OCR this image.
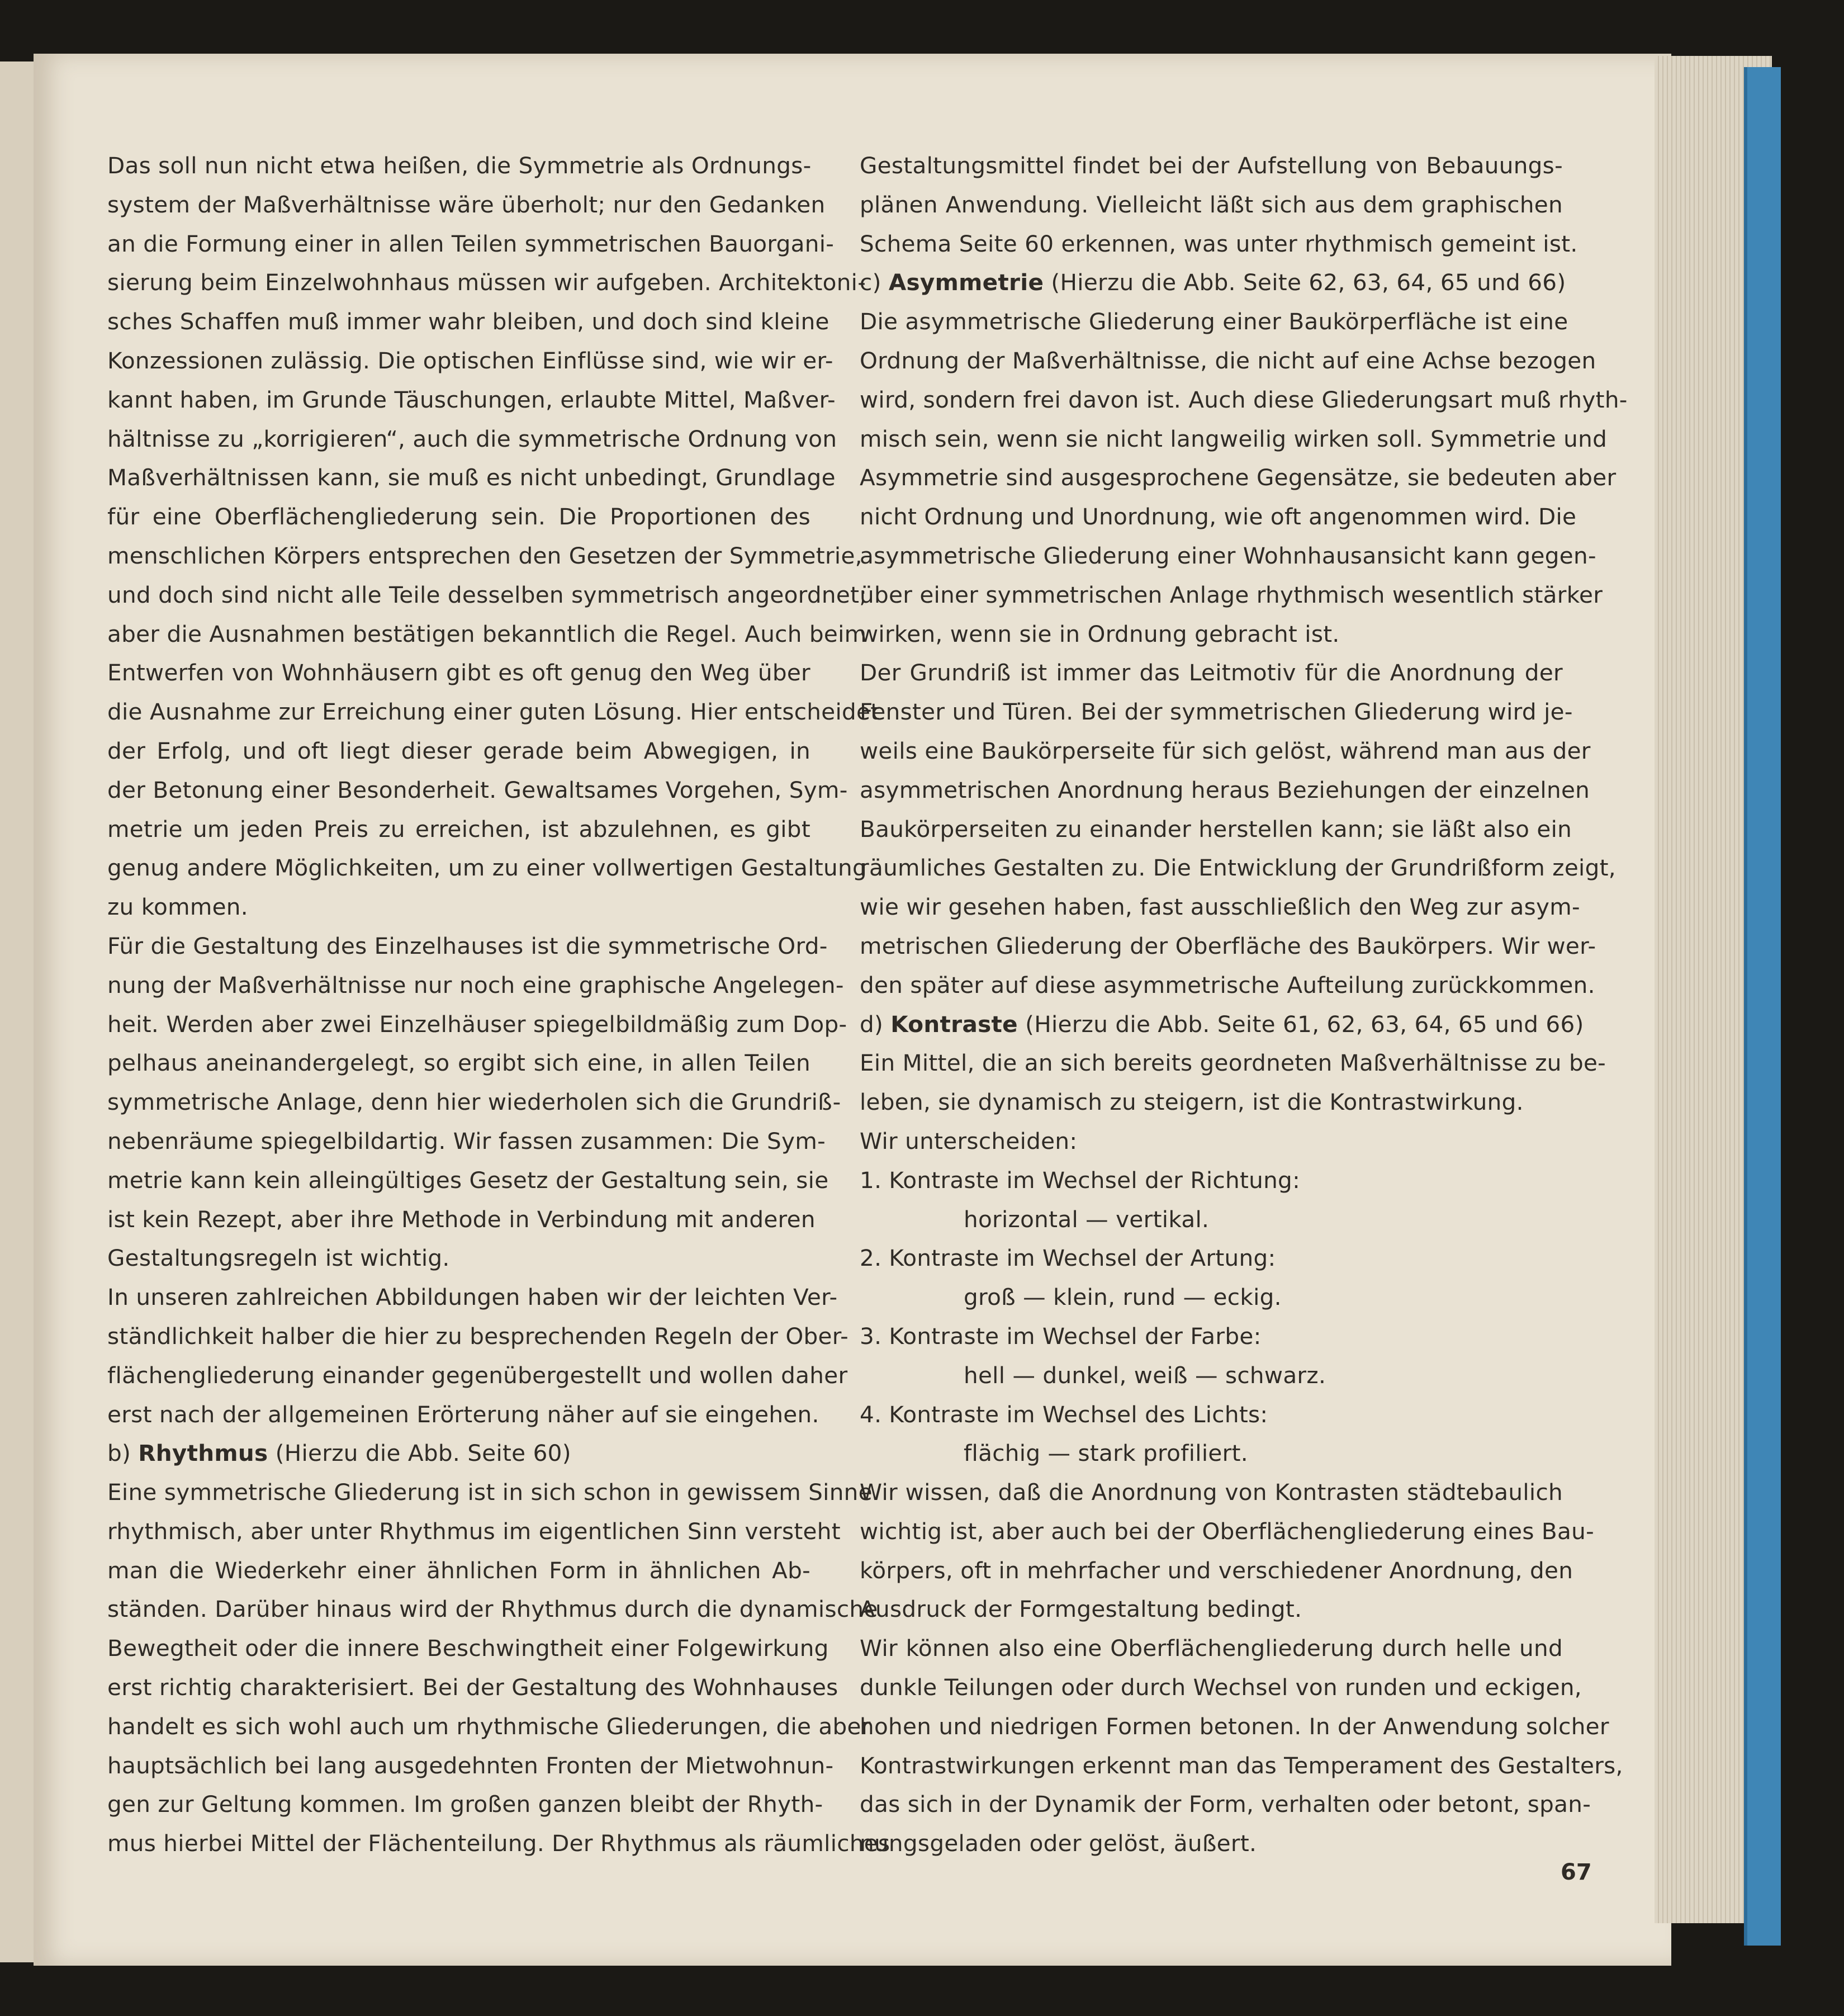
Das soll nun nicht etwa heißen, die Symmetrie als Ordnungs-
system der Maßverhältnisse wäre überholt; nur den Gedanken
an die Formung einer in allen Teilen symmetrischen Bauorgani-
sierung beim Einzelwohnhaus müssen wir aufgeben. Architektoni-
sches Schaffen muß immer wahr bleiben, und doch sind kleine
Konzessionen zulässig. Die optischen Einflüsse sind, wie wir er-
kannt haben, im Grunde Täuschungen, erlaubte Mittel, Maßver-
hältnisse zu „korrigieren“, auch die symmetrische Ordnung von
Maßverhältnissen kann, sie muß es nicht unbedingt, Grundlage
für eine Oberflächengliederung sein. Die Proportionen des
menschlichen Körpers entsprechen den Gesetzen der Symmetrie,
und doch sind nicht alle Teile desselben symmetrisch angeordnet;
aber die Ausnahmen bestätigen bekanntlich die Regel. Auch beim
Entwerfen von Wohnhäusern gibt es oft genug den Weg über
die Ausnahme zur Erreichung einer guten Lösung. Hier entscheidet
der Erfolg, und oft liegt dieser gerade beim Abwegigen, in
der Betonung einer Besonderheit. Gewaltsames Vorgehen, Sym-
metrie um jeden Preis zu erreichen, ist abzulehnen, es gibt
genug andere Möglichkeiten, um zu einer vollwertigen Gestaltung
zu kommen.
Für die Gestaltung des Einzelhauses ist die symmetrische Ord-
nung der Maßverhältnisse nur noch eine graphische Angelegen-
heit. Werden aber zwei Einzelhäuser spiegelbildmäßig zum Dop-
pelhaus aneinandergelegt, so ergibt sich eine, in allen Teilen
symmetrische Anlage, denn hier wiederholen sich die Grundriß-
nebenräume spiegelbildartig. Wir fassen zusammen: Die Sym-
metrie kann kein alleingültiges Gesetz der Gestaltung sein, sie
ist kein Rezept, aber ihre Methode in Verbindung mit anderen
Gestaltungsregeln ist wichtig.
In unseren zahlreichen Abbildungen haben wir der leichten Ver-
ständlichkeit halber die hier zu besprechenden Regeln der Ober-
flächengliederung einander gegenübergestellt und wollen daher
erst nach der allgemeinen Erörterung näher auf sie eingehen.
b) Rhythmus (Hierzu die Abb. Seite 60)
Eine symmetrische Gliederung ist in sich schon in gewissem Sinne
rhythmisch, aber unter Rhythmus im eigentlichen Sinn versteht
man die Wiederkehr einer ähnlichen Form in ähnlichen Ab-
ständen. Darüber hinaus wird der Rhythmus durch die dynamische
Bewegtheit oder die innere Beschwingtheit einer Folgewirkung
erst richtig charakterisiert. Bei der Gestaltung des Wohnhauses
handelt es sich wohl auch um rhythmische Gliederungen, die aber
hauptsächlich bei lang ausgedehnten Fronten der Mietwohnun-
gen zur Geltung kommen. Im großen ganzen bleibt der Rhyth-
mus hierbei Mittel der Flächenteilung. Der Rhythmus als räumliches
Gestaltungsmittel findet bei der Aufstellung von Bebauungs-
plänen Anwendung. Vielleicht läßt sich aus dem graphischen
Schema Seite 60 erkennen, was unter rhythmisch gemeint ist.
c) Asymmetrie (Hierzu die Abb. Seite 62, 63, 64, 65 und 66)
Die asymmetrische Gliederung einer Baukörperfläche ist eine
Ordnung der Maßverhältnisse, die nicht auf eine Achse bezogen
wird, sondern frei davon ist. Auch diese Gliederungsart muß rhyth-
misch sein, wenn sie nicht langweilig wirken soll. Symmetrie und
Asymmetrie sind ausgesprochene Gegensätze, sie bedeuten aber
nicht Ordnung und Unordnung, wie oft angenommen wird. Die
asymmetrische Gliederung einer Wohnhausansicht kann gegen-
über einer symmetrischen Anlage rhythmisch wesentlich stärker
wirken, wenn sie in Ordnung gebracht ist.
Der Grundriß ist immer das Leitmotiv für die Anordnung der
Fenster und Türen. Bei der symmetrischen Gliederung wird je-
weils eine Baukörperseite für sich gelöst, während man aus der
asymmetrischen Anordnung heraus Beziehungen der einzelnen
Baukörperseiten zu einander herstellen kann; sie läßt also ein
räumliches Gestalten zu. Die Entwicklung der Grundrißform zeigt,
wie wir gesehen haben, fast ausschließlich den Weg zur asym-
metrischen Gliederung der Oberfläche des Baukörpers. Wir wer-
den später auf diese asymmetrische Aufteilung zurückkommen.
d) Kontraste (Hierzu die Abb. Seite 61, 62, 63, 64, 65 und 66)
Ein Mittel, die an sich bereits geordneten Maßverhältnisse zu be-
leben, sie dynamisch zu steigern, ist die Kontrastwirkung.
Wir unterscheiden:
1. Kontraste im Wechsel der Richtung:
horizontal — vertikal.
2. Kontraste im Wechsel der Artung:
groß — klein, rund — eckig.
3. Kontraste im Wechsel der Farbe:
hell — dunkel, weiß — schwarz.
4. Kontraste im Wechsel des Lichts:
flächig — stark profiliert.
Wir wissen, daß die Anordnung von Kontrasten städtebaulich
wichtig ist, aber auch bei der Oberflächengliederung eines Bau-
körpers, oft in mehrfacher und verschiedener Anordnung, den
Ausdruck der Formgestaltung bedingt.
Wir können also eine Oberflächengliederung durch helle und
dunkle Teilungen oder durch Wechsel von runden und eckigen,
hohen und niedrigen Formen betonen. In der Anwendung solcher
Kontrastwirkungen erkennt man das Temperament des Gestalters,
das sich in der Dynamik der Form, verhalten oder betont, span-
nungsgeladen oder gelöst, äußert.
67
